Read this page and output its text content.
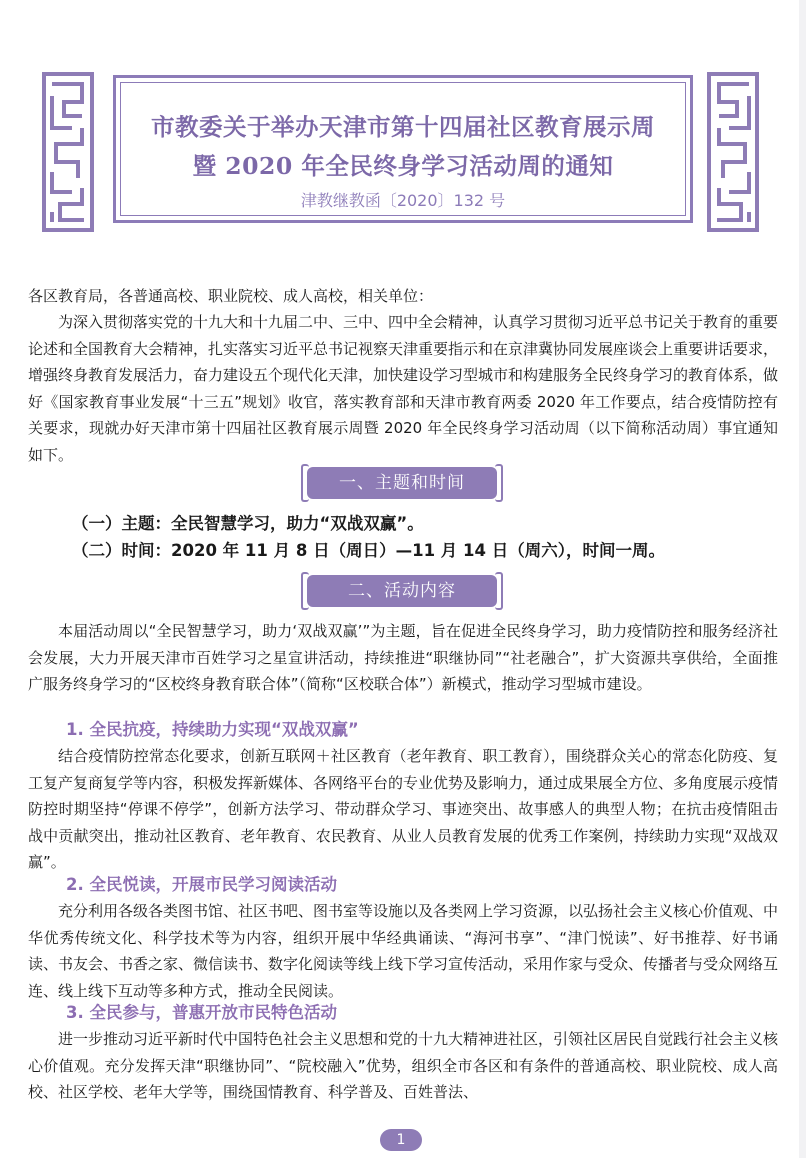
市教委关于举办天津市第十四届社区教育展示周
暨 2020 年全民终身学习活动周的通知
津教继教函〔2020〕132 号

各区教育局，各普通高校、职业院校、成人高校，相关单位：

为深入贯彻落实党的十九大和十九届二中、三中、四中全会精神，认真学习贯彻习近平总书记关于教育的重要论述和全国教育大会精神，扎实落实习近平总书记视察天津重要指示和在京津冀协同发展座谈会上重要讲话要求，增强终身教育发展活力，奋力建设五个现代化天津，加快建设学习型城市和构建服务全民终身学习的教育体系，做好《国家教育事业发展“十三五”规划》收官，落实教育部和天津市教育两委 2020 年工作要点，结合疫情防控有关要求，现就办好天津市第十四届社区教育展示周暨 2020 年全民终身学习活动周（以下简称活动周）事宜通知如下。

一、主题和时间
（一）主题：全民智慧学习，助力“双战双赢”。
（二）时间：2020 年 11 月 8 日（周日）—11 月 14 日（周六），时间一周。
二、活动内容

本届活动周以“全民智慧学习，助力‘双战双赢’”为主题，旨在促进全民终身学习，助力疫情防控和服务经济社会发展，大力开展天津市百姓学习之星宣讲活动，持续推进“职继协同”“社老融合”，扩大资源共享供给，全面推广服务终身学习的“区校终身教育联合体”（简称“区校联合体”）新模式，推动学习型城市建设。

1. 全民抗疫，持续助力实现“双战双赢”

结合疫情防控常态化要求，创新互联网＋社区教育（老年教育、职工教育），围绕群众关心的常态化防疫、复工复产复商复学等内容，积极发挥新媒体、各网络平台的专业优势及影响力，通过成果展全方位、多角度展示疫情防控时期坚持“停课不停学”，创新方法学习、带动群众学习、事迹突出、故事感人的典型人物；在抗击疫情阻击战中贡献突出，推动社区教育、老年教育、农民教育、从业人员教育发展的优秀工作案例，持续助力实现“双战双赢”。

2. 全民悦读，开展市民学习阅读活动

充分利用各级各类图书馆、社区书吧、图书室等设施以及各类网上学习资源，以弘扬社会主义核心价值观、中华优秀传统文化、科学技术等为内容，组织开展中华经典诵读、“海河书享”、“津门悦读”、好书推荐、好书诵读、书友会、书香之家、微信读书、数字化阅读等线上线下学习宣传活动，采用作家与受众、传播者与受众网络互连、线上线下互动等多种方式，推动全民阅读。

3. 全民参与，普惠开放市民特色活动

进一步推动习近平新时代中国特色社会主义思想和党的十九大精神进社区，引领社区居民自觉践行社会主义核心价值观。充分发挥天津“职继协同”、“院校融入”优势，组织全市各区和有条件的普通高校、职业院校、成人高校、社区学校、老年大学等，围绕国情教育、科学普及、百姓普法、

1
